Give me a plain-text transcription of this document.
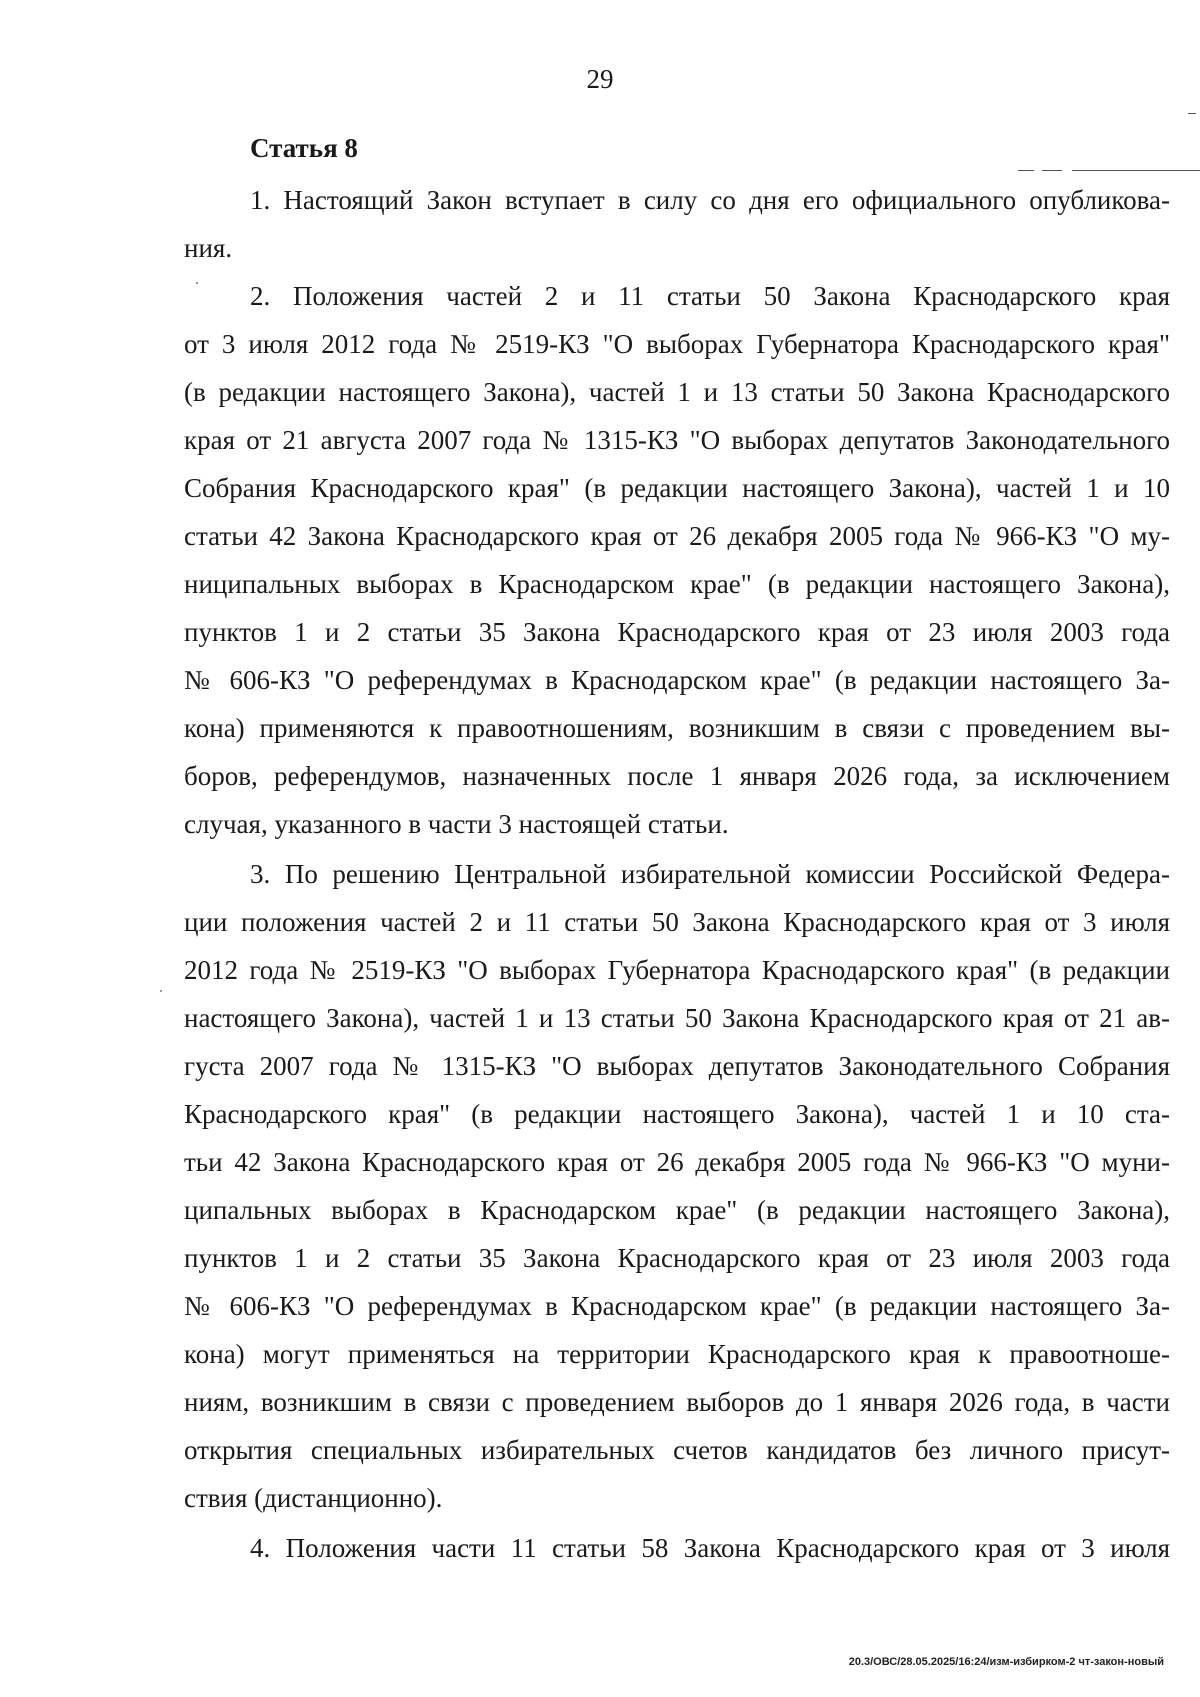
29
Статья 8
1. Настоящий Закон вступает в силу со дня его официального опубликова-
ния.
2. Положения частей 2 и 11 статьи 50 Закона Краснодарского края
от 3 июля 2012 года № 2519-КЗ "О выборах Губернатора Краснодарского края"
(в редакции настоящего Закона), частей 1 и 13 статьи 50 Закона Краснодарского
края от 21 августа 2007 года № 1315-КЗ "О выборах депутатов Законодательного
Собрания Краснодарского края" (в редакции настоящего Закона), частей 1 и 10
статьи 42 Закона Краснодарского края от 26 декабря 2005 года № 966-КЗ "О му-
ниципальных выборах в Краснодарском крае" (в редакции настоящего Закона),
пунктов 1 и 2 статьи 35 Закона Краснодарского края от 23 июля 2003 года
№ 606-КЗ "О референдумах в Краснодарском крае" (в редакции настоящего За-
кона) применяются к правоотношениям, возникшим в связи с проведением вы-
боров, референдумов, назначенных после 1 января 2026 года, за исключением
случая, указанного в части 3 настоящей статьи.
3. По решению Центральной избирательной комиссии Российской Федера-
ции положения частей 2 и 11 статьи 50 Закона Краснодарского края от 3 июля
2012 года № 2519-КЗ "О выборах Губернатора Краснодарского края" (в редакции
настоящего Закона), частей 1 и 13 статьи 50 Закона Краснодарского края от 21 ав-
густа 2007 года № 1315-КЗ "О выборах депутатов Законодательного Собрания
Краснодарского края" (в редакции настоящего Закона), частей 1 и 10 ста-
тьи 42 Закона Краснодарского края от 26 декабря 2005 года № 966-КЗ "О муни-
ципальных выборах в Краснодарском крае" (в редакции настоящего Закона),
пунктов 1 и 2 статьи 35 Закона Краснодарского края от 23 июля 2003 года
№ 606-КЗ "О референдумах в Краснодарском крае" (в редакции настоящего За-
кона) могут применяться на территории Краснодарского края к правоотноше-
ниям, возникшим в связи с проведением выборов до 1 января 2026 года, в части
открытия специальных избирательных счетов кандидатов без личного присут-
ствия (дистанционно).
4. Положения части 11 статьи 58 Закона Краснодарского края от 3 июля
20.3/ОВС/28.05.2025/16:24/изм-избирком-2 чт-закон-новый
